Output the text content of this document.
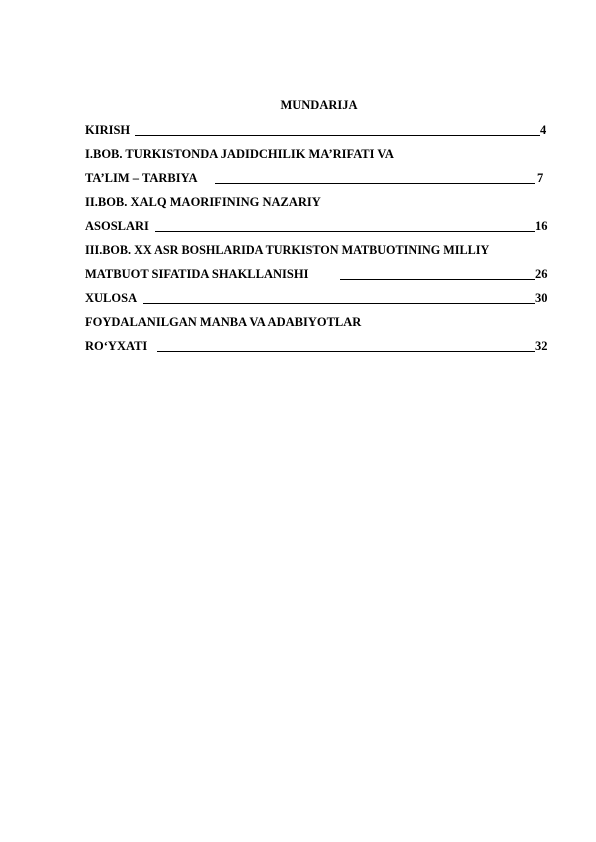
MUNDARIJA
KIRISH	4
I.BOB. TURKISTONDA JADIDCHILIK MA’RIFATI VA
TA’LIM – TARBIYA	7
II.BOB. XALQ MAORIFINING NAZARIY
ASOSLARI	16
III.BOB. XX ASR BOSHLARIDA TURKISTON MATBUOTINING MILLIY
MATBUOT SIFATIDA SHAKLLANISHI	26
XULOSA	30
FOYDALANILGAN MANBA VA ADABIYOTLAR
RO‘YXATI	32
